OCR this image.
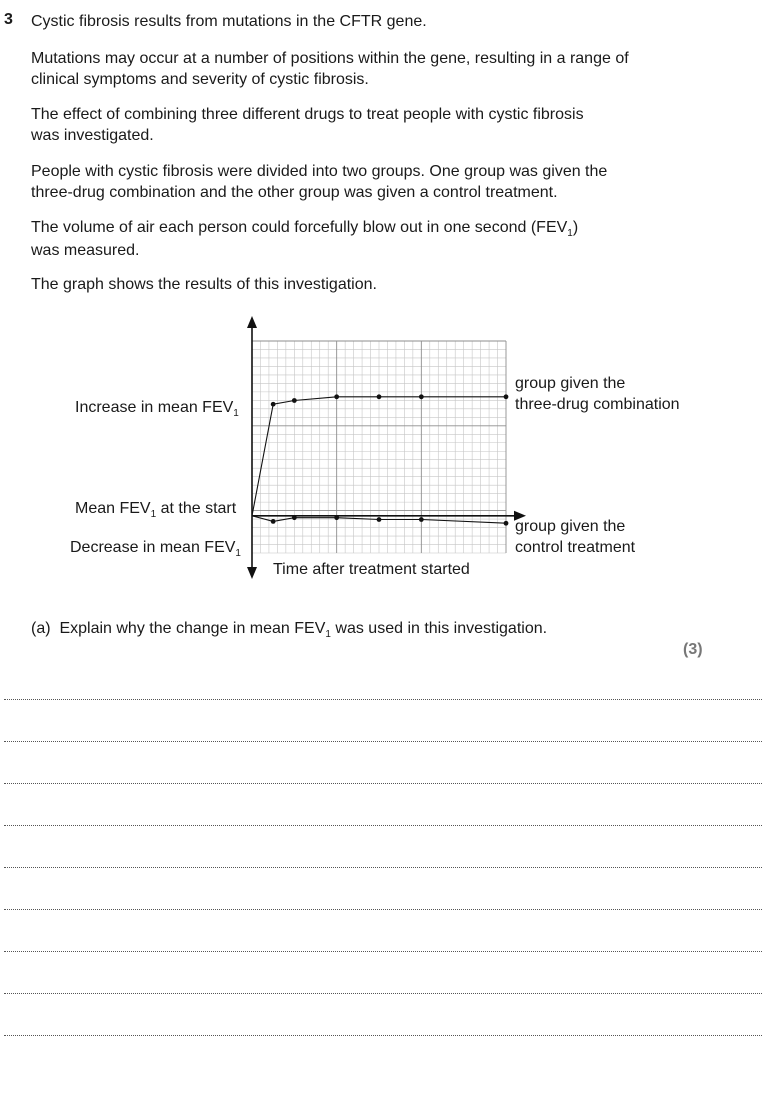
3 Cystic fibrosis results from mutations in the CFTR gene.

Mutations may occur at a number of positions within the gene, resulting in a range of
clinical symptoms and severity of cystic fibrosis.

The effect of combining three different drugs to treat people with cystic fibrosis
was investigated.

People with cystic fibrosis were divided into two groups. One group was given the
three-drug combination and the other group was given a control treatment.

The volume of air each person could forcefully blow out in one second $(FEV_1)$
was measured.

The graph shows the results of this investigation.

Increase in mean $FEV_1$
Mean $FEV_1$ at the start
Decrease in mean $FEV_1$
Time after treatment started
group given the
three-drug combination
group given the
control treatment
(a) Explain why the change in mean $FEV_1$ was used in this investigation.
(3)
